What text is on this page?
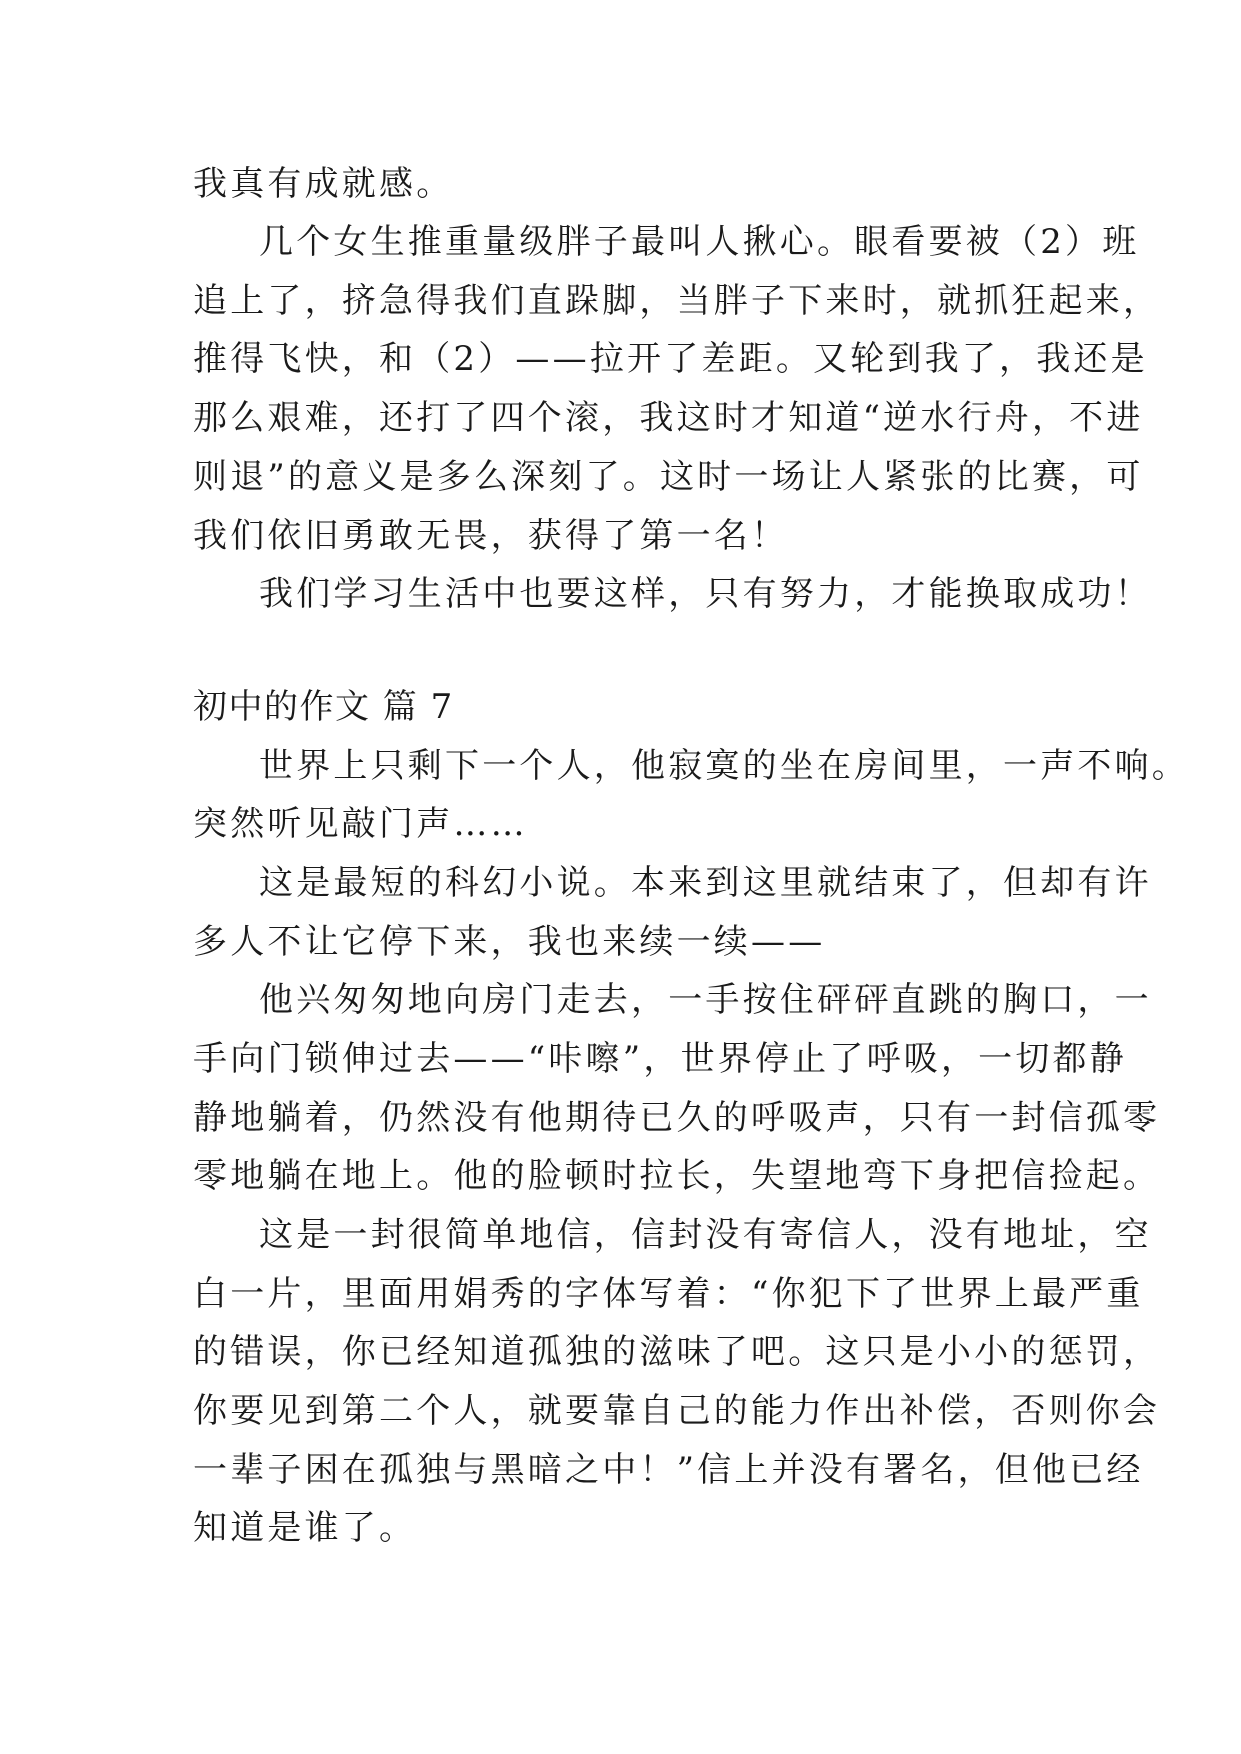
我真有成就感。
几个女生推重量级胖子最叫人揪心。眼看要被（2）班
追上了，挤急得我们直跺脚，当胖子下来时，就抓狂起来，
推得飞快，和（2）——拉开了差距。又轮到我了，我还是
那么艰难，还打了四个滚，我这时才知道“逆水行舟，不进
则退”的意义是多么深刻了。这时一场让人紧张的比赛，可
我们依旧勇敢无畏，获得了第一名！
我们学习生活中也要这样，只有努力，才能换取成功！
初中的作文 篇 7
世界上只剩下一个人，他寂寞的坐在房间里，一声不响。
突然听见敲门声……
这是最短的科幻小说。本来到这里就结束了，但却有许
多人不让它停下来，我也来续一续——
他兴匆匆地向房门走去，一手按住砰砰直跳的胸口，一
手向门锁伸过去——“咔嚓”，世界停止了呼吸，一切都静
静地躺着，仍然没有他期待已久的呼吸声，只有一封信孤零
零地躺在地上。他的脸顿时拉长，失望地弯下身把信捡起。
这是一封很简单地信，信封没有寄信人，没有地址，空
白一片，里面用娟秀的字体写着：“你犯下了世界上最严重
的错误，你已经知道孤独的滋味了吧。这只是小小的惩罚，
你要见到第二个人，就要靠自己的能力作出补偿，否则你会
一辈子困在孤独与黑暗之中！”信上并没有署名，但他已经
知道是谁了。
